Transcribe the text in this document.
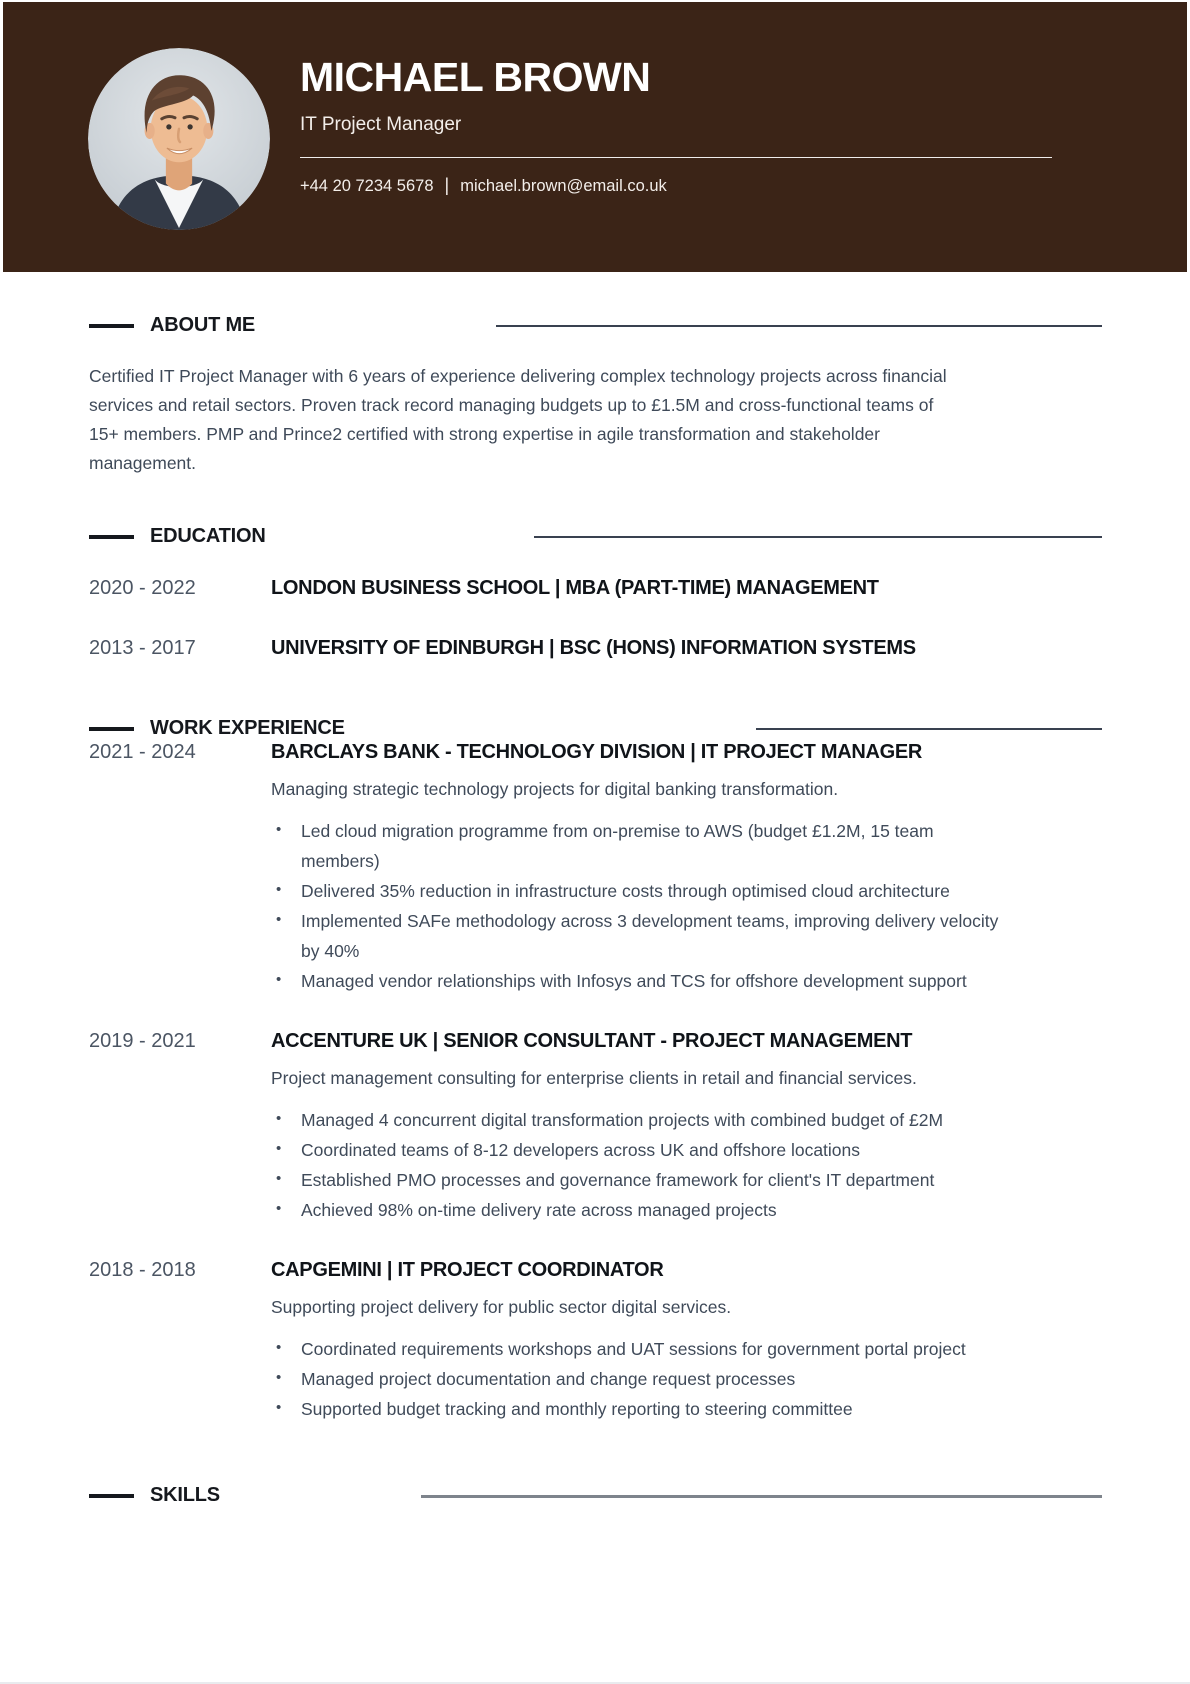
MICHAEL BROWN
IT Project Manager
+44 20 7234 5678 | michael.brown@email.co.uk
ABOUT ME

Certified IT Project Manager with 6 years of experience delivering complex technology projects across financial services and retail sectors. Proven track record managing budgets up to £1.5M and cross-functional teams of 15+ members. PMP and Prince2 certified with strong expertise in agile transformation and stakeholder management.

EDUCATION
2020 - 2022	LONDON BUSINESS SCHOOL | MBA (PART-TIME) MANAGEMENT
2013 - 2017	UNIVERSITY OF EDINBURGH | BSC (HONS) INFORMATION SYSTEMS
WORK EXPERIENCE
2021 - 2024	BARCLAYS BANK - TECHNOLOGY DIVISION | IT PROJECT MANAGER

Managing strategic technology projects for digital banking transformation.

• Led cloud migration programme from on-premise to AWS (budget £1.2M, 15 team members)
• Delivered 35% reduction in infrastructure costs through optimised cloud architecture
• Implemented SAFe methodology across 3 development teams, improving delivery velocity by 40%
• Managed vendor relationships with Infosys and TCS for offshore development support
2019 - 2021	ACCENTURE UK | SENIOR CONSULTANT - PROJECT MANAGEMENT

Project management consulting for enterprise clients in retail and financial services.

• Managed 4 concurrent digital transformation projects with combined budget of £2M
• Coordinated teams of 8-12 developers across UK and offshore locations
• Established PMO processes and governance framework for client's IT department
• Achieved 98% on-time delivery rate across managed projects
2018 - 2018	CAPGEMINI | IT PROJECT COORDINATOR

Supporting project delivery for public sector digital services.

• Coordinated requirements workshops and UAT sessions for government portal project
• Managed project documentation and change request processes
• Supported budget tracking and monthly reporting to steering committee
SKILLS
